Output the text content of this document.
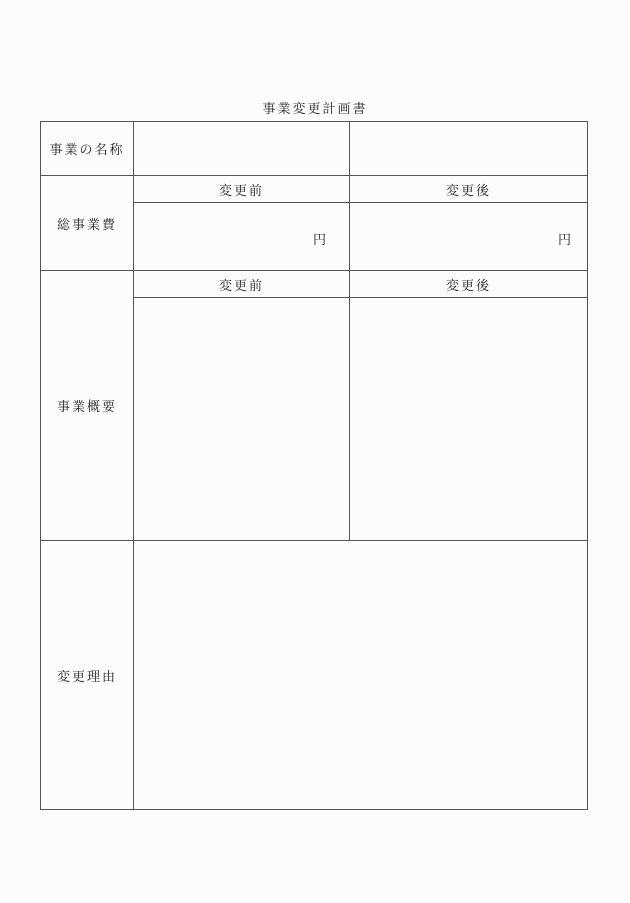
事業変更計画書
事業の名称
総事業費
変更前	変更後
円	円
事業概要
変更前	変更後
変更理由
